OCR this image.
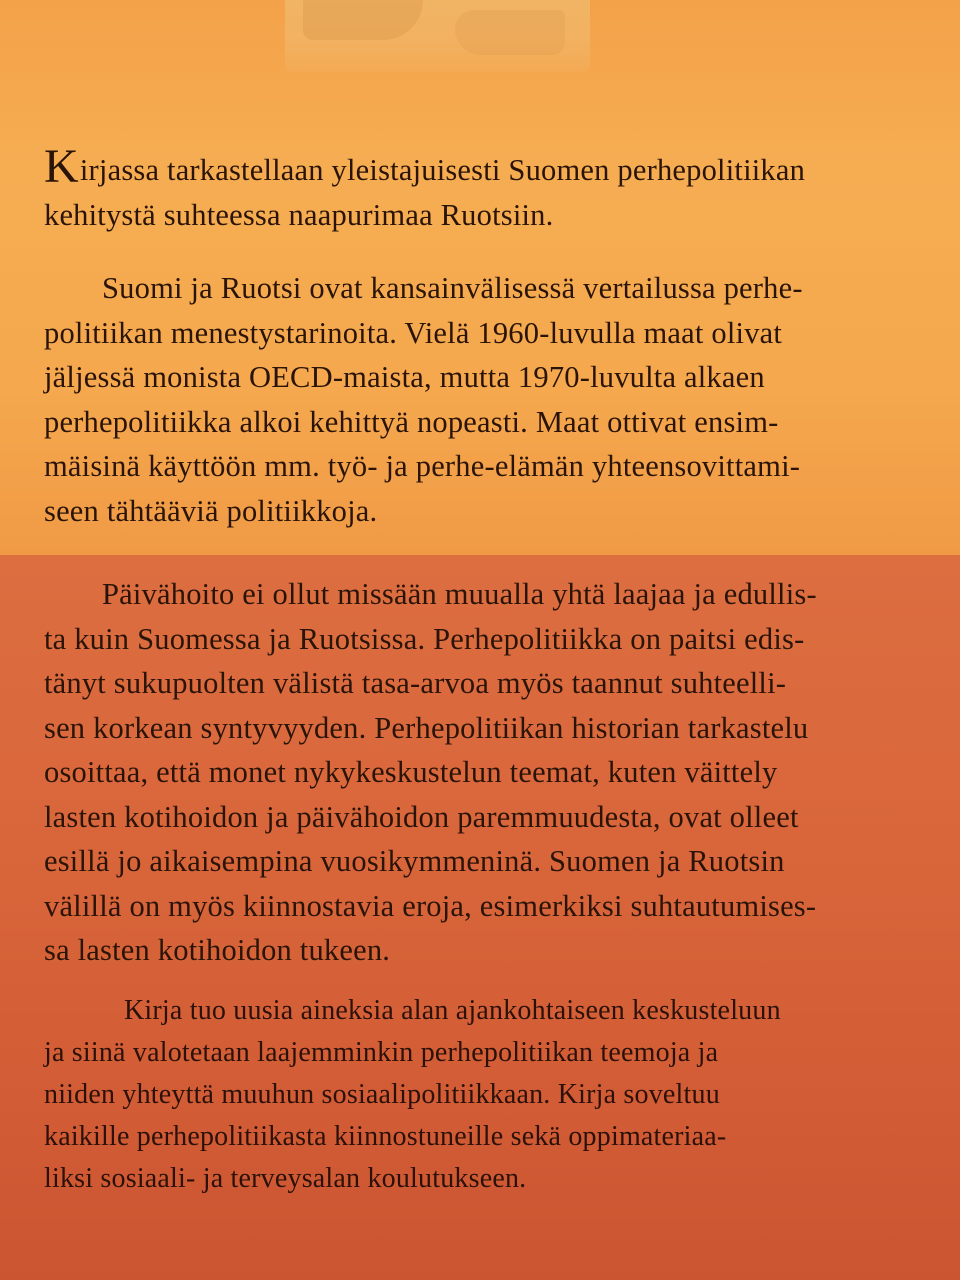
Kirjassa tarkastellaan yleistajuisesti Suomen perhepolitiikan
kehitystä suhteessa naapurimaa Ruotsiin.

Suomi ja Ruotsi ovat kansainvälisessä vertailussa perhe-
politiikan menestystarinoita. Vielä 1960-luvulla maat olivat
jäljessä monista OECD-maista, mutta 1970-luvulta alkaen
perhepolitiikka alkoi kehittyä nopeasti. Maat ottivat ensim-
mäisinä käyttöön mm. työ- ja perhe-elämän yhteensovittami-
seen tähtääviä politiikkoja.

Päivähoito ei ollut missään muualla yhtä laajaa ja edullis-
ta kuin Suomessa ja Ruotsissa. Perhepolitiikka on paitsi edis-
tänyt sukupuolten välistä tasa-arvoa myös taannut suhteelli-
sen korkean syntyvyyden. Perhepolitiikan historian tarkastelu
osoittaa, että monet nykykeskustelun teemat, kuten väittely
lasten kotihoidon ja päivähoidon paremmuudesta, ovat olleet
esillä jo aikaisempina vuosikymmeninä. Suomen ja Ruotsin
välillä on myös kiinnostavia eroja, esimerkiksi suhtautumises-
sa lasten kotihoidon tukeen.

Kirja tuo uusia aineksia alan ajankohtaiseen keskusteluun
ja siinä valotetaan laajemminkin perhepolitiikan teemoja ja
niiden yhteyttä muuhun sosiaalipolitiikkaan. Kirja soveltuu
kaikille perhepolitiikasta kiinnostuneille sekä oppimateriaa-
liksi sosiaali- ja terveysalan koulutukseen.
